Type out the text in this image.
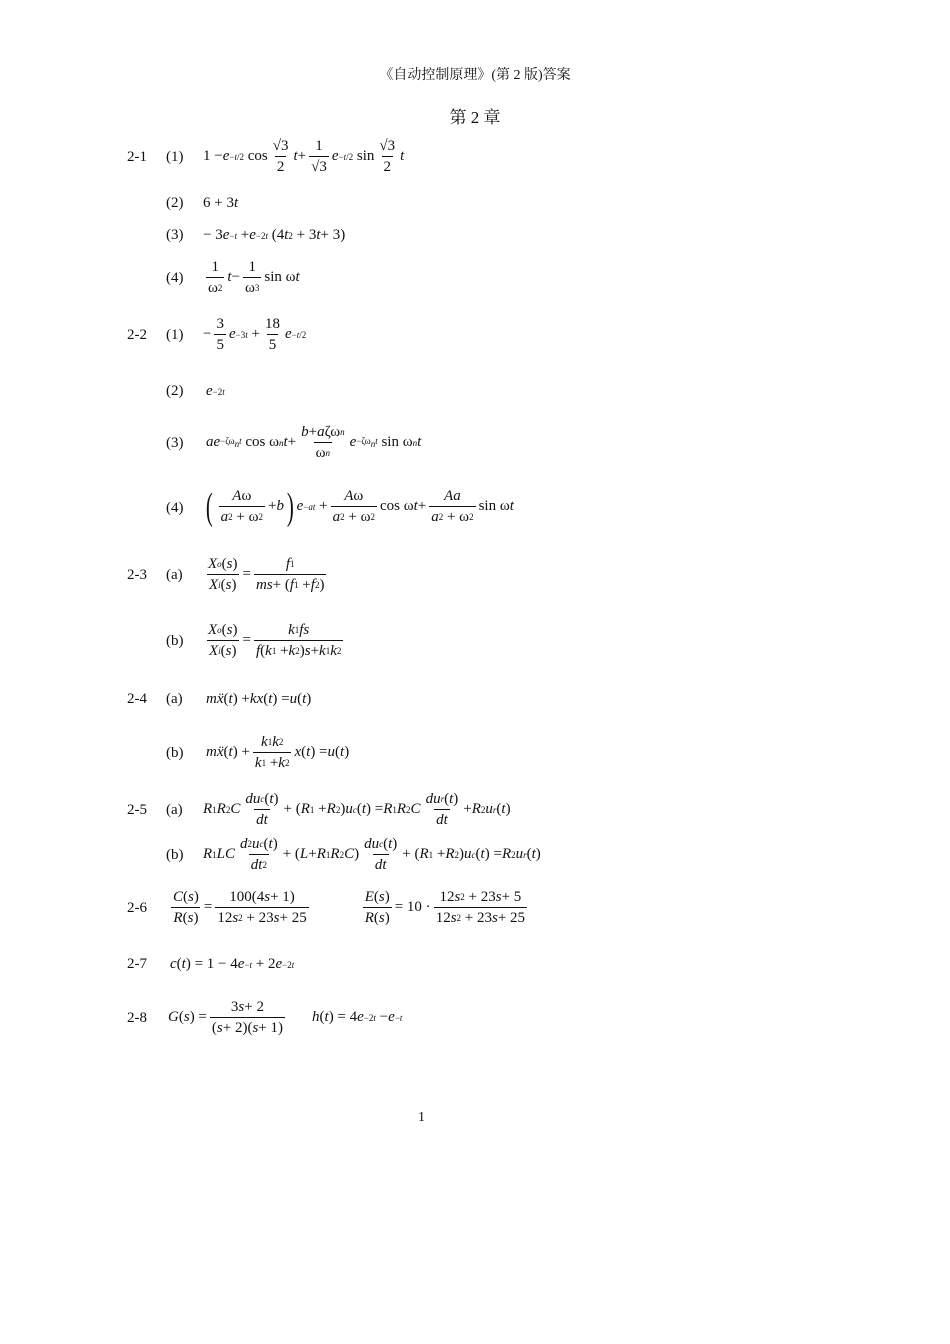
《自动控制原理》(第 2 版)答案
第 2 章
2-1 (1) 1 − e −t/2 $\cos \frac{√3}{2}$ $t + \frac{1}{√3}$ e −t/2 $\sin \frac{√3}{2}$ t
(2) 6 + 3 t
(3) − 3 e −t + e −2t (4 t 2 + 3 t + 3)
$(4) \frac{1}{\omega 2}$ $t - \frac{1}{\omega 3}$ sin ω t
2-2 $(1) - \frac{3}{5}$ $e -3t + \frac{18}{5}$ e −t/2
(2) e −2t
(3) ae $-\zeta\omega_nt$ cos ω n $t + \frac{\text{b + a ζω n}}{\text{ω n}}$ $e -\zeta\omega_nt$ sin ω n t
(4) ( $\frac{\text{A ω}}{a 2 + \omega 2} + b$ ) $e -at + \frac{\text{A ω}}{a 2 + \omega 2}$ cos ω $t + \frac{Aa}{a 2 + \omega 2}$ sin ω t
2-3 $(a) \frac{\text{X o ( s )}}{\text{X i ( s )}} = \frac{f 1}{ms + ( f 1 + f 2 )}$
$(b) \frac{\text{X o ( s )}}{\text{X i ( s )}} = \frac{k 1 fs}{f ( k 1 + k 2 ) s + k 1 k 2}$
2-4 (a) m ẍ ( t ) + kx ( t ) = u ( t )
(b) m ẍ ( t ) + $\frac{k 1 k 2}{k 1 + k 2}$ x ( t ) = u ( t )
2-5 (a) R 1 R 2 C $\frac{\text{du c ( t )}}{dt}$ + ( R 1 + R 2 ) u c ( t ) = R 1 R 2 C $\frac{\text{du r ( t )}}{dt} + R$ 2 u r ( t )
(b) R 1 LC $\frac{\text{d 2 u c ( t )}}{dt 2}$ + ( L + R 1 R 2 C ) $\frac{\text{du c ( t )}}{dt}$ + ( R 1 + R 2 ) u c ( t ) = R 2 u r ( t )
$2-6 \frac{C ( s )}{R ( s )} = \frac{100(4 s + 1)}{12 s 2 + 23 s + 25}$	$\frac{E ( s )}{R ( s )} = 10 \cdot \frac{12 s 2 + 23 s + 5}{12 s 2 + 23 s + 25}$
2-7 c ( t ) = 1 − 4 e −t + 2 e −2t
2-8 G ( s ) = $\frac{3 s + 2}{( s + 2)( s + 1)}$ h ( t ) = 4 e −2t − e −t
1
